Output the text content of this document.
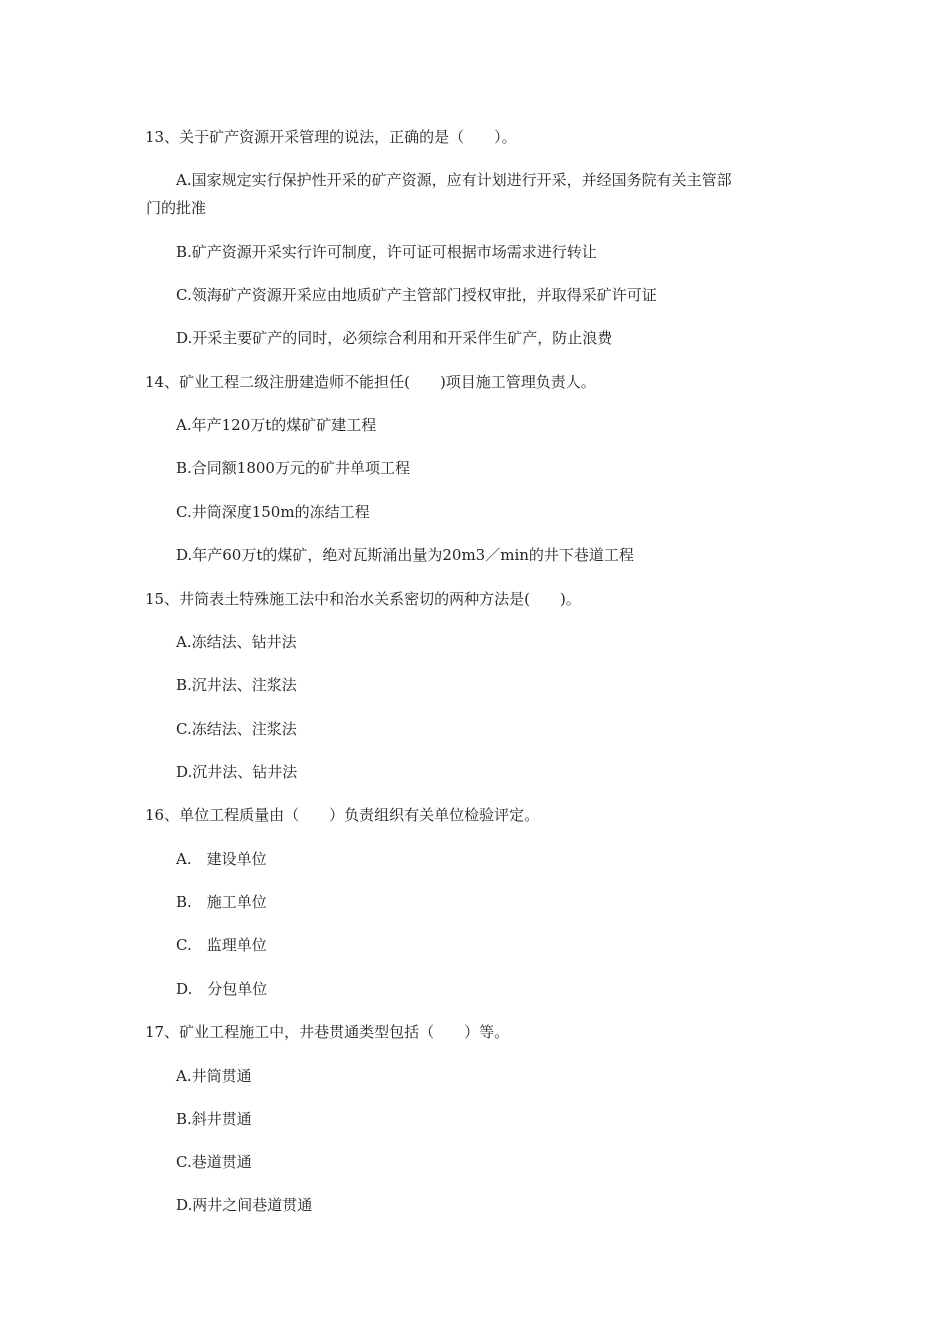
13、关于矿产资源开采管理的说法，正确的是（　　）。
A.国家规定实行保护性开采的矿产资源，应有计划进行开采，并经国务院有关主管部
门的批准
B.矿产资源开采实行许可制度，许可证可根据市场需求进行转让
C.领海矿产资源开采应由地质矿产主管部门授权审批，并取得采矿许可证
D.开采主要矿产的同时，必须综合利用和开采伴生矿产，防止浪费
14、矿业工程二级注册建造师不能担任(　　)项目施工管理负责人。
A.年产120万t的煤矿矿建工程
B.合同额1800万元的矿井单项工程
C.井筒深度150m的冻结工程
D.年产60万t的煤矿，绝对瓦斯涌出量为20m3／min的井下巷道工程
15、井筒表土特殊施工法中和治水关系密切的两种方法是(　　)。
A.冻结法、钻井法
B.沉井法、注浆法
C.冻结法、注浆法
D.沉井法、钻井法
16、单位工程质量由（　　）负责组织有关单位检验评定。
A.　建设单位
B.　施工单位
C.　监理单位
D.　分包单位
17、矿业工程施工中，井巷贯通类型包括（　　）等。
A.井筒贯通
B.斜井贯通
C.巷道贯通
D.两井之间巷道贯通
